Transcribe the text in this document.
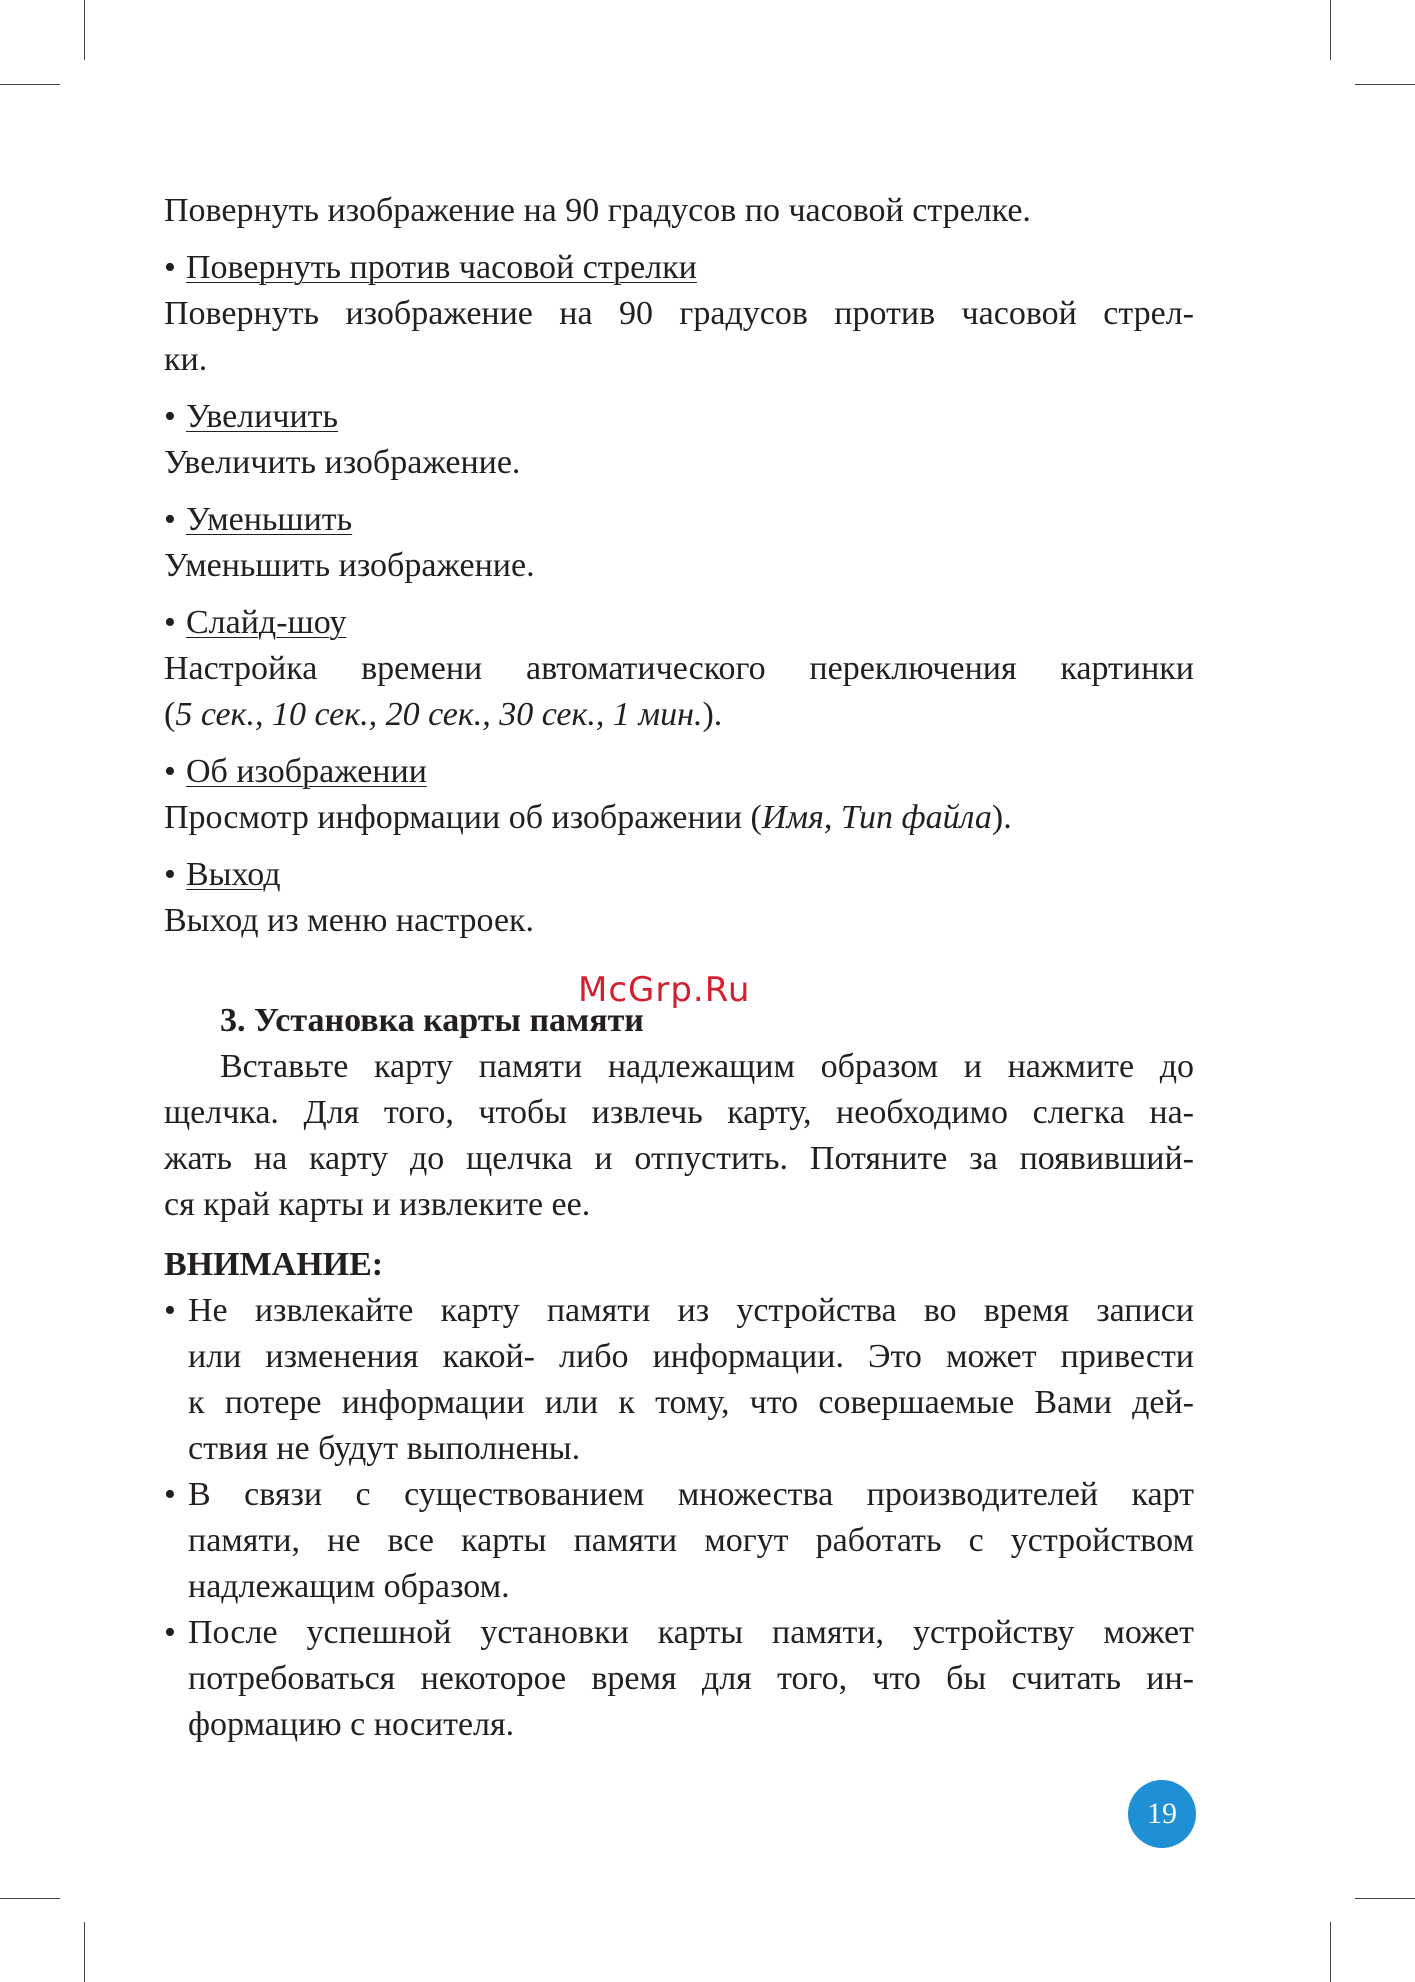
Повернуть изображение на 90 градусов по часовой стрелке.

• Повернуть против часовой стрелки

Повернуть изображение на 90 градусов против часовой стрел-

ки.

• Увеличить

Увеличить изображение.

• Уменьшить

Уменьшить изображение.

• Слайд-шоу

Настройка времени автоматического переключения картинки

(5 сек., 10 сек., 20 сек., 30 сек., 1 мин.).

• Об изображении

Просмотр информации об изображении (Имя, Тип файла).

• Выход

Выход из меню настроек.

3. Установка карты памяти

Вставьте карту памяти надлежащим образом и нажмите до

щелчка. Для того, чтобы извлечь карту, необходимо слегка на-

жать на карту до щелчка и отпустить. Потяните за появивший-

ся край карты и извлеките ее.

ВНИМАНИЕ:

• Не извлекайте карту памяти из устройства во время записи

или изменения какой- либо информации. Это может привести

к потере информации или к тому, что совершаемые Вами дей-

ствия не будут выполнены.

• В связи с существованием множества производителей карт

памяти, не все карты памяти могут работать с устройством

надлежащим образом.

• После успешной установки карты памяти, устройству может

потребоваться некоторое время для того, что бы считать ин-

формацию с носителя.

McGrp.Ru
19
